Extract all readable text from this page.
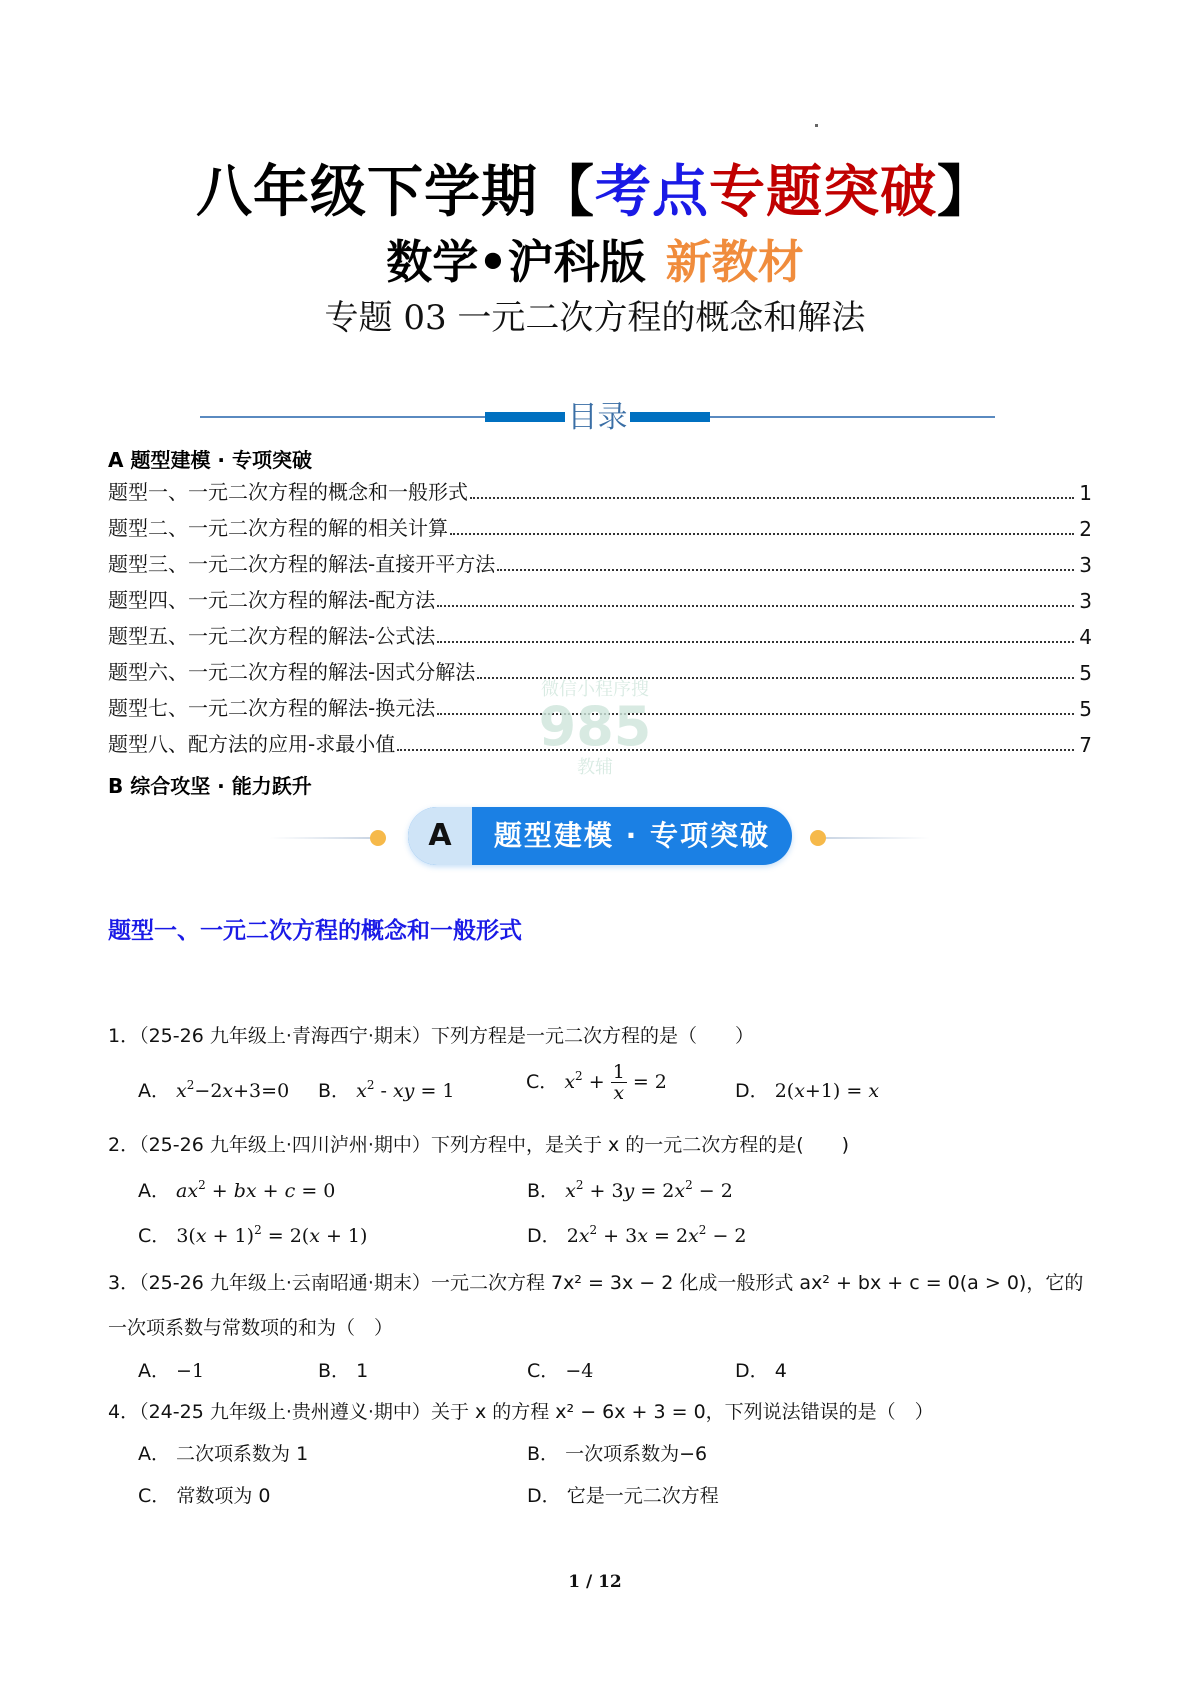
八年级下学期【考点专题突破】
数学•沪科版 新教材
专题 03 一元二次方程的概念和解法
目录
A 题型建模 · 专项突破
题型一、一元二次方程的概念和一般形式	1
题型二、一元二次方程的解的相关计算	2
题型三、一元二次方程的解法-直接开平方法	3
题型四、一元二次方程的解法-配方法	3
题型五、一元二次方程的解法-公式法	4
题型六、一元二次方程的解法-因式分解法	5
题型七、一元二次方程的解法-换元法	5
题型八、配方法的应用-求最小值	7
B 综合攻坚 · 能力跃升
微信小程序搜
985
教辅
A	题型建模 · 专项突破
题型一、一元二次方程的概念和一般形式
1．（25-26 九年级上·青海西宁·期末）下列方程是一元二次方程的是（　　）
A． $x^2-2x+3=0$ B． $x^2$ - xy = 1	C． $x^2 + \frac{1}{x} = 2$	D． 2(x+1) = x
2．（25-26 九年级上·四川泸州·期中）下列方程中，是关于 x 的一元二次方程的是(　　)
A． $ax^2$ + bx + c = 0	B． $x^2 + 3y = 2x^2 - 2$
C． $3(x + 1)^2 = 2(x + 1)$	D． $2x^2 + 3x = 2x^2 - 2$
3．（25-26 九年级上·云南昭通·期末）一元二次方程 7x² = 3x − 2 化成一般形式 ax² + bx + c = 0(a > 0)，它的
一次项系数与常数项的和为（　）
A． −1	B． 1	C． −4	D． 4
4．（24-25 九年级上·贵州遵义·期中）关于 x 的方程 x² − 6x + 3 = 0，下列说法错误的是（　）
A． 二次项系数为 1	B． 一次项系数为−6
C． 常数项为 0	D． 它是一元二次方程
1 / 12
